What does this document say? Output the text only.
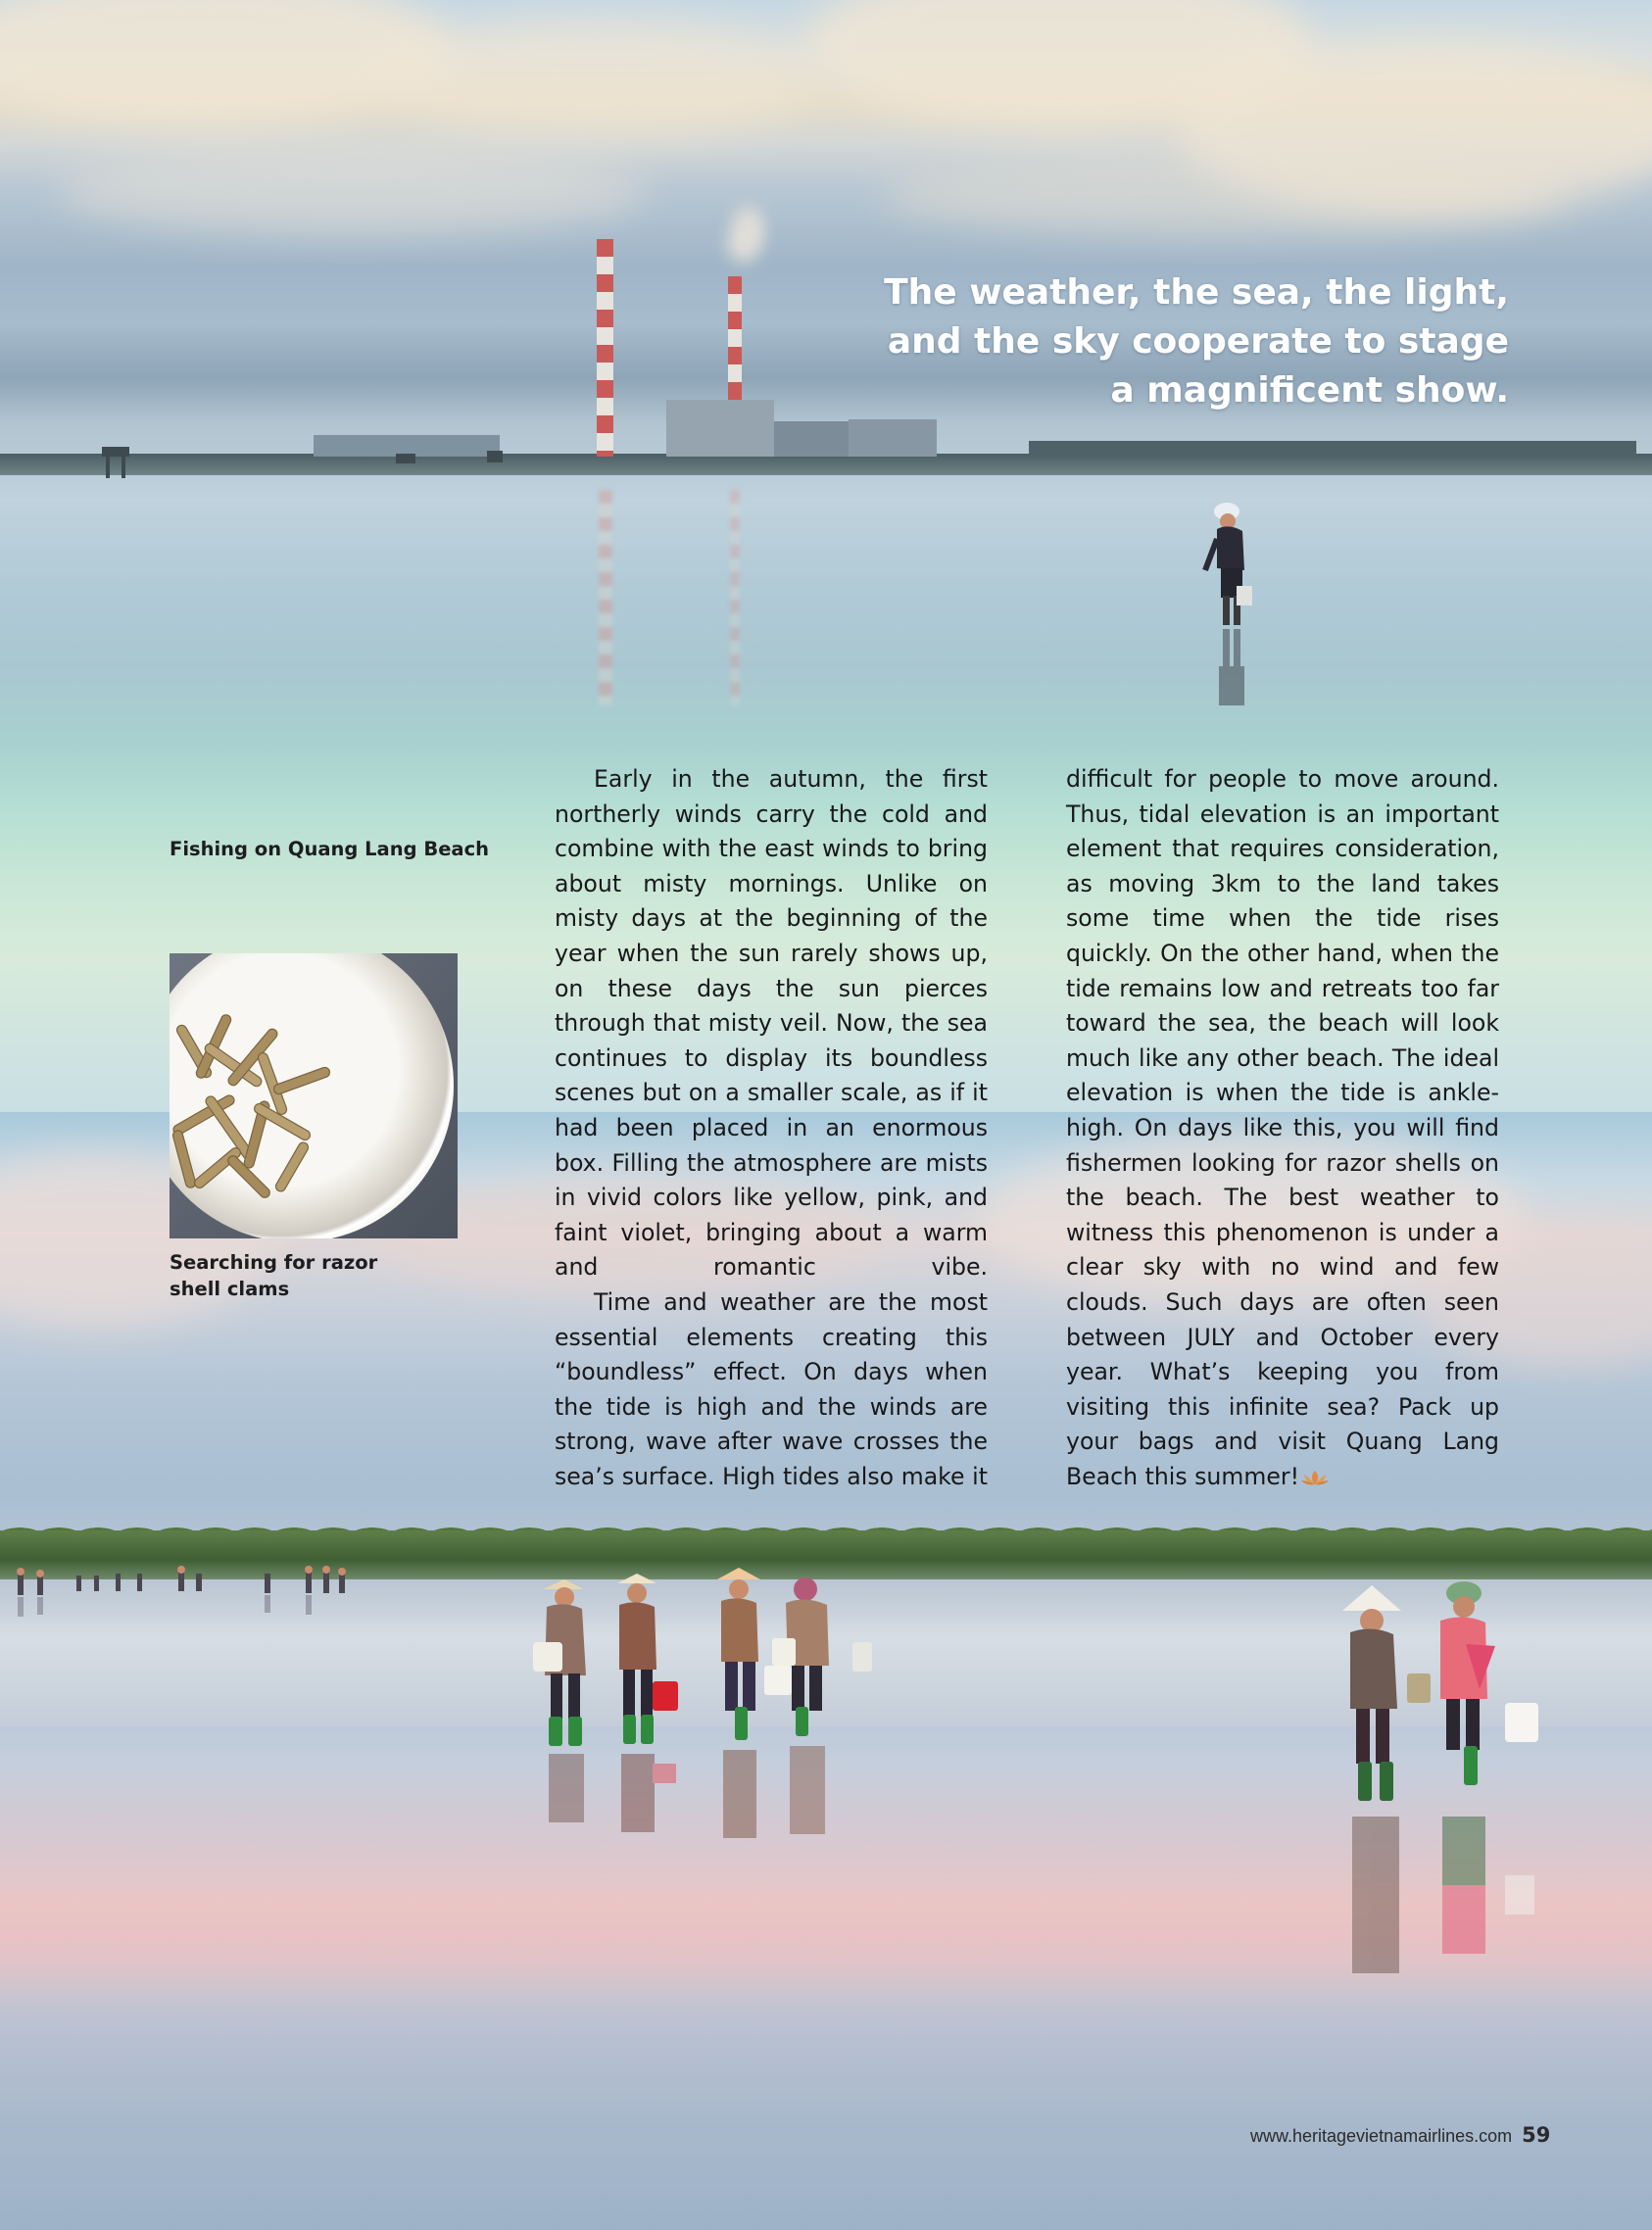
The weather, the sea, the light,
and the sky cooperate to stage
a magnificent show.
Fishing on Quang Lang Beach
Searching for razor
shell clams

Early in the autumn, the first northerly winds carry the cold and combine with the east winds to bring about misty mornings. Unlike on misty days at the beginning of the year when the sun rarely shows up, on these days the sun pierces through that misty veil. Now, the sea continues to display its boundless scenes but on a smaller scale, as if it had been placed in an enormous box. Filling the atmosphere are mists in vivid colors like yellow, pink, and faint violet, bringing about a warm and romantic vibe.

Time and weather are the most essential elements creating this “boundless” effect. On days when the tide is high and the winds are strong, wave after wave crosses the sea’s surface. High tides also make it

difficult for people to move around. Thus, tidal elevation is an important element that requires consideration, as moving 3km to the land takes some time when the tide rises quickly. On the other hand, when the tide remains low and retreats too far toward the sea, the beach will look much like any other beach. The ideal elevation is when the tide is ankle-high. On days like this, you will find fishermen looking for razor shells on the beach. The best weather to witness this phenomenon is under a clear sky with no wind and few clouds. Such days are often seen between JULY and October every year. What’s keeping you from visiting this infinite sea? Pack up your bags and visit Quang Lang Beach this summer!

www.heritagevietnamairlines.com 59
